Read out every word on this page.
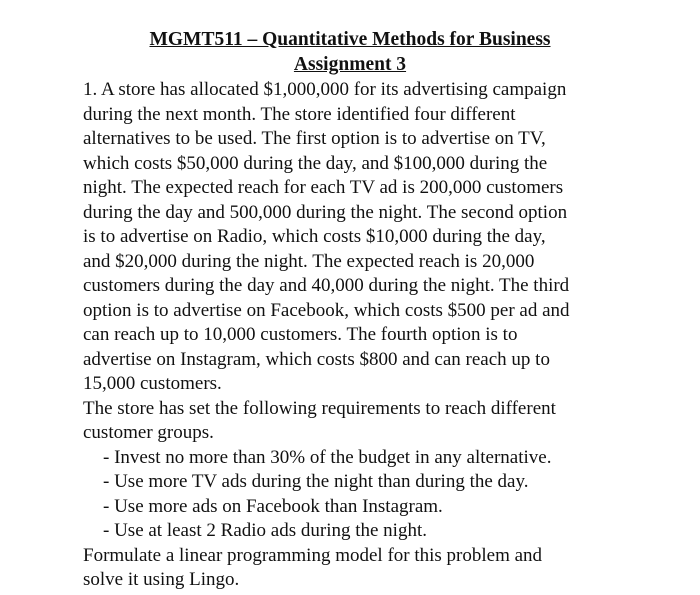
MGMT511 – Quantitative Methods for Business
Assignment 3
1. A store has allocated $1,000,000 for its advertising campaign
during the next month. The store identified four different
alternatives to be used. The first option is to advertise on TV,
which costs $50,000 during the day, and $100,000 during the
night. The expected reach for each TV ad is 200,000 customers
during the day and 500,000 during the night. The second option
is to advertise on Radio, which costs $10,000 during the day,
and $20,000 during the night. The expected reach is 20,000
customers during the day and 40,000 during the night. The third
option is to advertise on Facebook, which costs $500 per ad and
can reach up to 10,000 customers. The fourth option is to
advertise on Instagram, which costs $800 and can reach up to
15,000 customers.
The store has set the following requirements to reach different
customer groups.
- Invest no more than 30% of the budget in any alternative.
- Use more TV ads during the night than during the day.
- Use more ads on Facebook than Instagram.
- Use at least 2 Radio ads during the night.
Formulate a linear programming model for this problem and
solve it using Lingo.
